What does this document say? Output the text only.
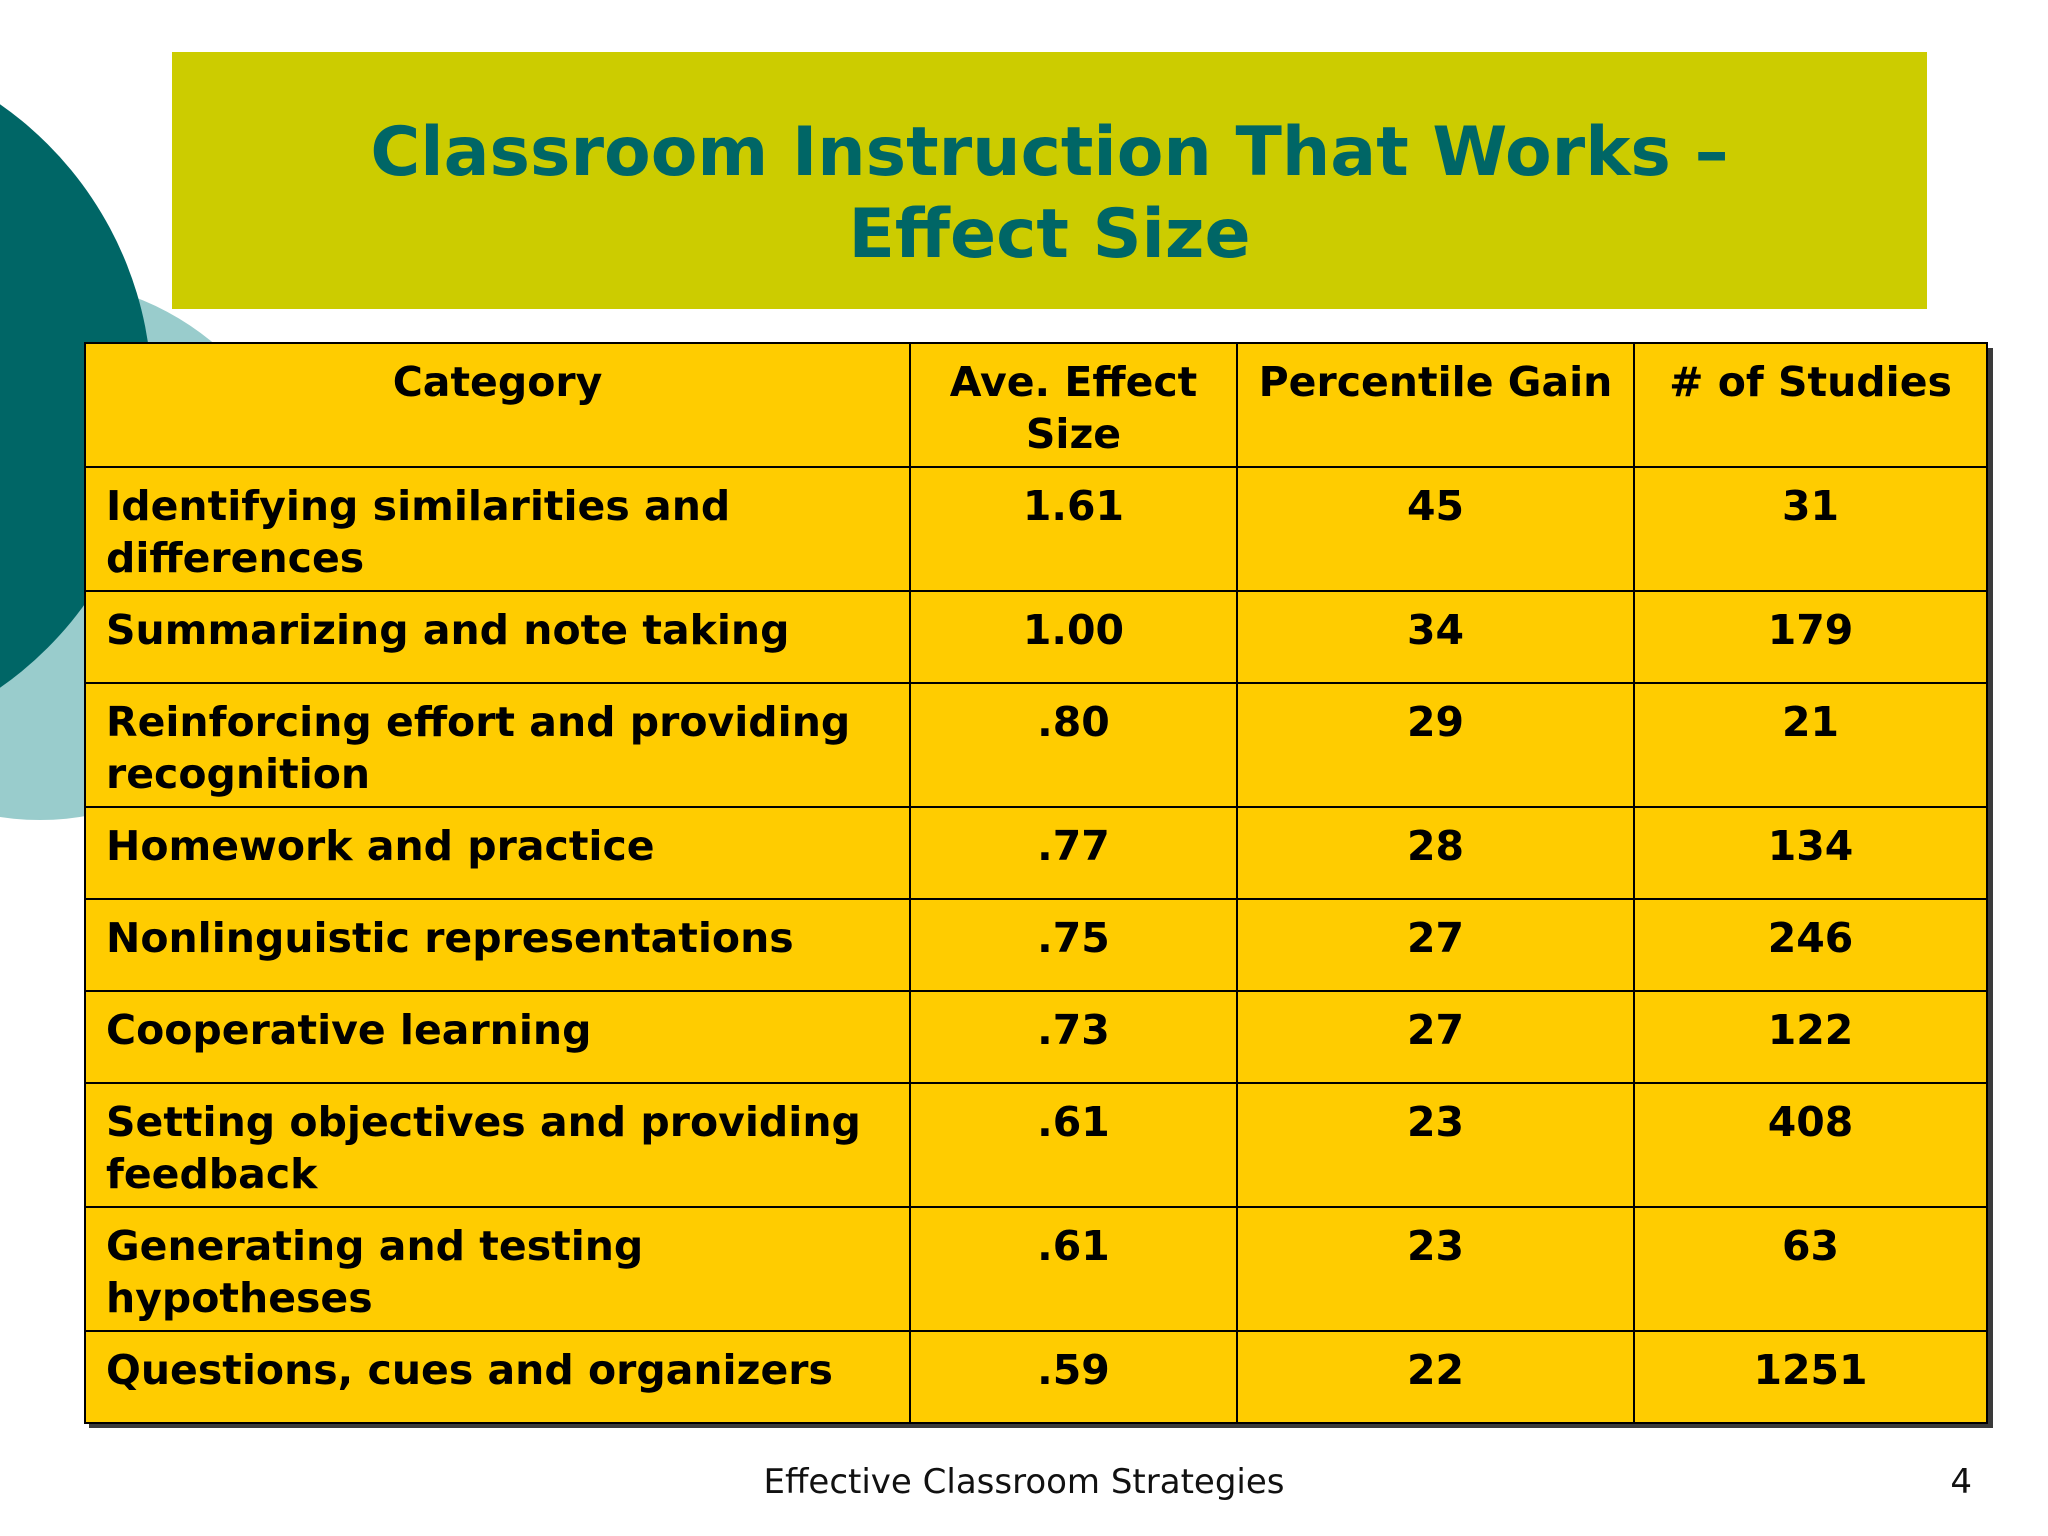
Classroom Instruction That Works –
Effect Size
Category	Ave. Effect Size	Percentile Gain	# of Studies
Identifying similarities and differences	1.61	45	31
Summarizing and note taking	1.00	34	179
Reinforcing effort and providing recognition	.80	29	21
Homework and practice	.77	28	134
Nonlinguistic representations	.75	27	246
Cooperative learning	.73	27	122
Setting objectives and providing feedback	.61	23	408
Generating and testing hypotheses	.61	23	63
Questions, cues and organizers	.59	22	1251
Effective Classroom Strategies	4
